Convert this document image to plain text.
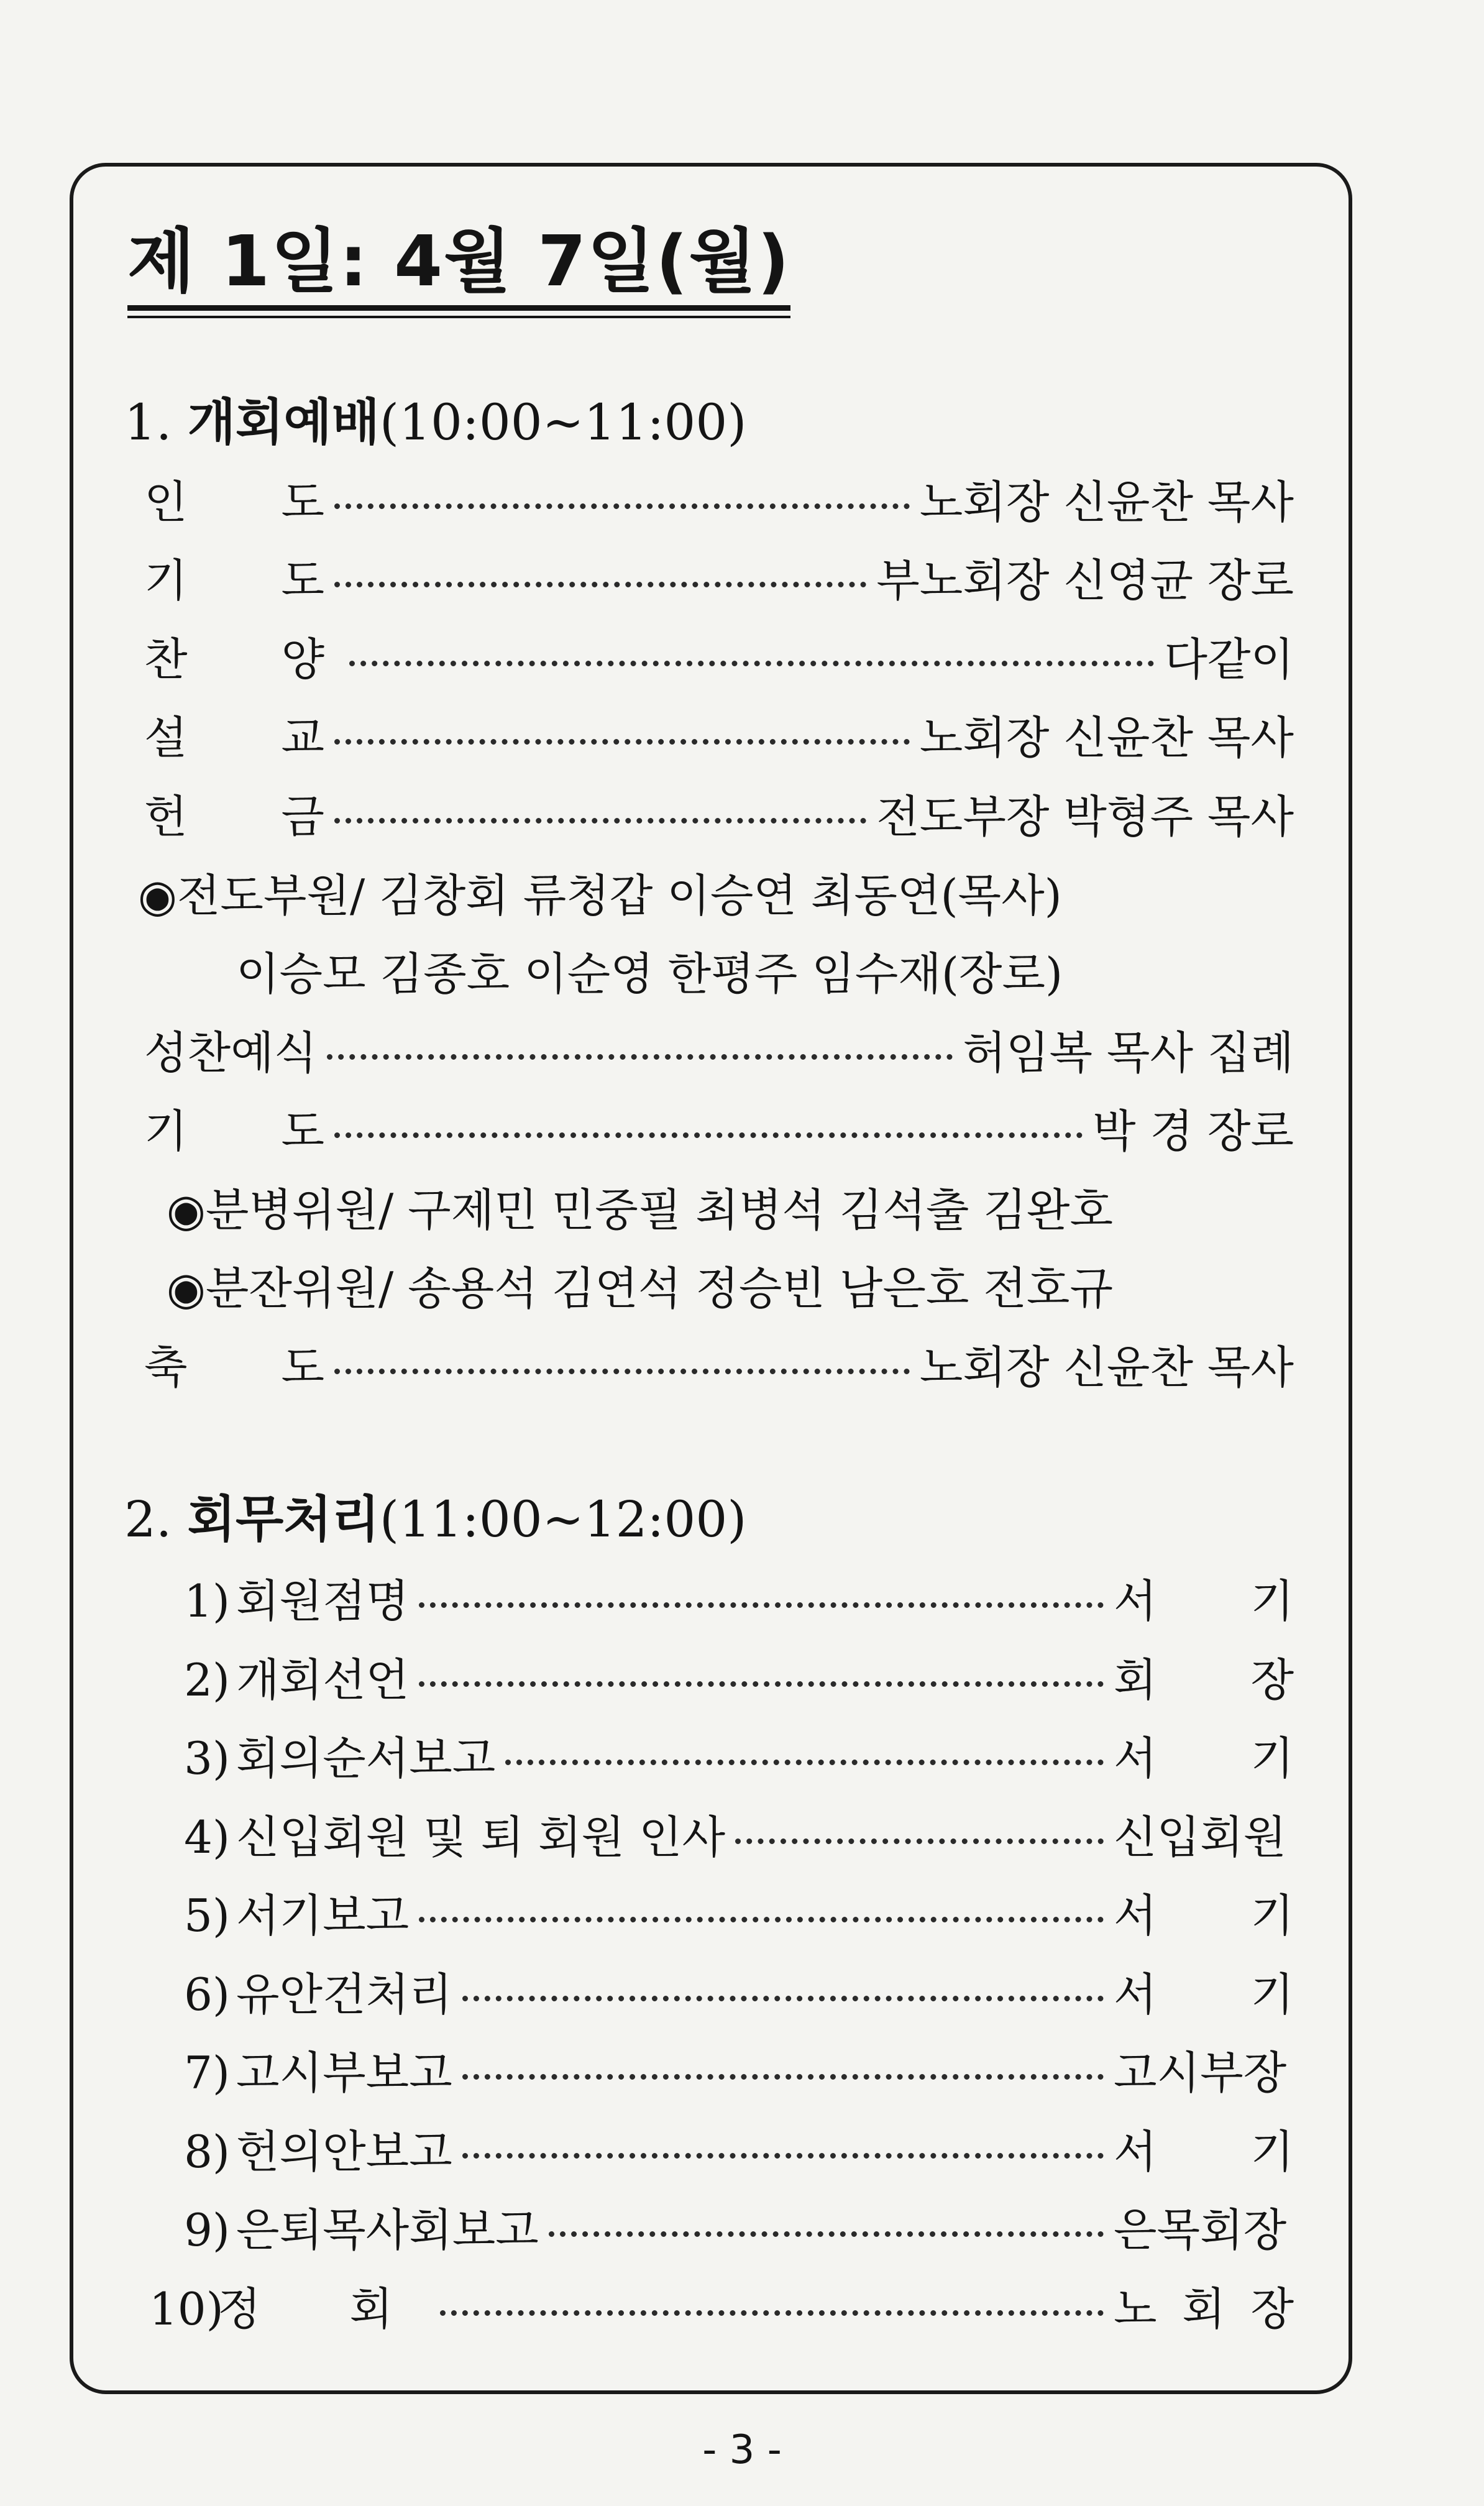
제 1일: 4월 7일(월)
1. 개회예배(10:00~11:00)
인 도	노회장 신윤찬 목사
기 도	부노회장 신영균 장로
찬 양	다같이
설 교	노회장 신윤찬 목사
헌 금	전도부장 박형주 목사
◉전도부원/ 김창회 류청갑 이승연 최동연(목사)
이승모 김종호 이순영 한평주 임수재(장로)
성찬예식	허임복 목사 집례
기 도	박 경 장로
◉분병위원/ 구제민 민중필 최병석 김석출 김완호
◉분잔위원/ 송용석 김연석 정승빈 남은호 전호규
축 도	노회장 신윤찬 목사
2. 회무처리(11:00~12:00)
1) 회원점명	서 기
2) 개회선언	회 장
3) 회의순서보고	서 기
4) 신입회원 및 퇴 회원 인사	신입회원
5) 서기보고	서 기
6) 유안건처리	서 기
7) 고시부보고	고시부장
8) 헌의안보고	서 기
9) 은퇴목사회보고	은목회장
10)정 회	노 회 장
- 3 -
